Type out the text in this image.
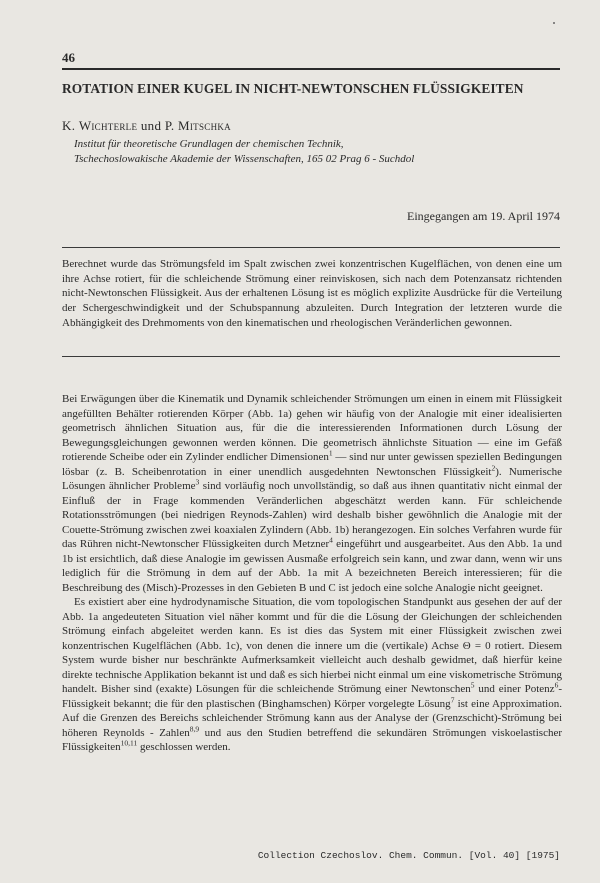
46
ROTATION EINER KUGEL IN NICHT-NEWTONSCHEN FLÜSSIGKEITEN
K. Wichterle und P. Mitschka
Institut für theoretische Grundlagen der chemischen Technik,
Tschechoslowakische Akademie der Wissenschaften, 165 02 Prag 6 - Suchdol
Eingegangen am 19. April 1974
Berechnet wurde das Strömungsfeld im Spalt zwischen zwei konzentrischen Kugelflächen, von denen eine um ihre Achse rotiert, für die schleichende Strömung einer reinviskosen, sich nach dem Potenzansatz richtenden nicht-Newtonschen Flüssigkeit. Aus der erhaltenen Lösung ist es möglich explizite Ausdrücke für die Verteilung der Schergeschwindigkeit und der Schubspannung abzuleiten. Durch Integration der letzteren wurde die Abhängigkeit des Drehmoments von den kinematischen und rheologischen Veränderlichen gewonnen.

Bei Erwägungen über die Kinematik und Dynamik schleichender Strömungen um einen in einem mit Flüssigkeit angefüllten Behälter rotierenden Körper (Abb. 1a) gehen wir häufig von der Analogie mit einer idealisierten geometrisch ähnlichen Situation aus, für die die interessierenden Informationen durch Lösung der Bewegungsgleichungen gewonnen werden können. Die geometrisch ähnlichste Situation — eine im Gefäß rotierende Scheibe oder ein Zylinder endlicher Dimensionen$^1$ — sind nur unter gewissen speziellen Bedingungen lösbar (z. B. Scheibenrotation in einer unendlich ausgedehnten Newtonschen Flüssigkeit$^2$). Numerische Lösungen ähnlicher Probleme$^3$ sind vorläufig noch unvollständig, so daß aus ihnen quantitativ nicht einmal der Einfluß der in Frage kommenden Veränderlichen abgeschätzt werden kann. Für schleichende Rotationsströmungen (bei niedrigen Reynods-Zahlen) wird deshalb bisher gewöhnlich die Analogie mit der Couette-Strömung zwischen zwei koaxialen Zylindern (Abb. 1b) herangezogen. Ein solches Verfahren wurde für das Rühren nicht-Newtonscher Flüssigkeiten durch Metzner$^4$ eingeführt und ausgearbeitet. Aus den Abb. 1a und 1b ist ersichtlich, daß diese Analogie im gewissen Ausmaße erfolgreich sein kann, und zwar dann, wenn wir uns lediglich für die Strömung in dem auf der Abb. 1a mit A bezeichneten Bereich interessieren; für die Beschreibung des (Misch)-Prozesses in den Gebieten B und C ist jedoch eine solche Analogie nicht geeignet.

Es existiert aber eine hydrodynamische Situation, die vom topologischen Standpunkt aus gesehen der auf der Abb. 1a angedeuteten Situation viel näher kommt und für die die Lösung der Gleichungen der schleichenden Strömung einfach abgeleitet werden kann. Es ist dies das System mit einer Flüssigkeit zwischen zwei konzentrischen Kugelflächen (Abb. 1c), von denen die innere um die (vertikale) Achse Θ = 0 rotiert. Diesem System wurde bisher nur beschränkte Aufmerksamkeit vielleicht auch deshalb gewidmet, daß hierfür keine direkte technische Applikation bekannt ist und daß es sich hierbei nicht einmal um eine viskometrische Strömung handelt. Bisher sind (exakte) Lösungen für die schleichende Strömung einer Newtonschen$^5$ und einer Potenz$^6$-Flüssigkeit bekannt; die für den plastischen (Binghamschen) Körper vorgelegte Lösung$^7$ ist eine Approximation. Auf die Grenzen des Bereichs schleichender Strömung kann aus der Analyse der (Grenzschicht)-Strömung bei höheren Reynolds - Zahlen$^{8,9}$ und aus den Studien betreffend die sekundären Strömungen viskoelastischer Flüssigkeiten$^{10,11}$ geschlossen werden.

Collection Czechoslov. Chem. Commun. [Vol. 40] [1975]
